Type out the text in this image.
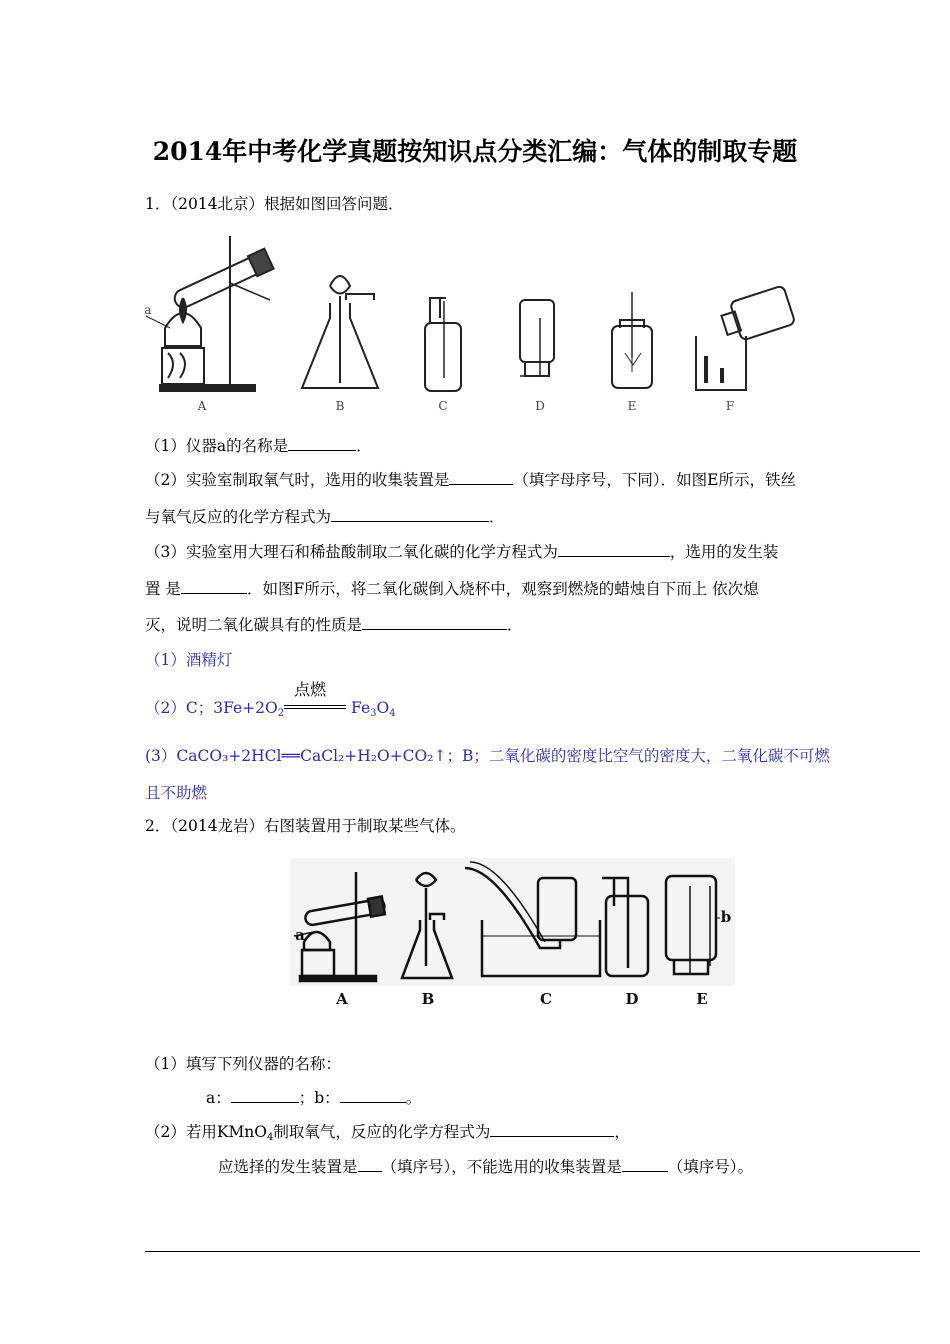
2014年中考化学真题按知识点分类汇编：气体的制取专题
1．（2014北京）根据如图回答问题．
A	B	C	D	E	F
a
（1）仪器a的名称是	．
（2）实验室制取氧气时，选用的收集装置是	（填字母序号，下同）．如图E所示，铁丝
与氧气反应的化学方程式为	．
（3）实验室用大理石和稀盐酸制取二氧化碳的化学方程式为	，选用的发生装
置 是	．如图F所示，将二氧化碳倒入烧杯中，观察到燃烧的蜡烛自下而上 依次熄
灭，说明二氧化碳具有的性质是	．
（1）酒精灯
（2）C；$3Fe+2O_2$
点燃
$Fe_3O_4$
(3）CaCO₃+2HCl══CaCl₂+H₂O+CO₂↑；B；二氧化碳的密度比空气的密度大，二氧化碳不可燃
且不助燃
2．（2014龙岩）右图装置用于制取某些气体。
A	B	C	D	E
a
b
（1）填写下列仪器的名称：
a：	；b：	。
（2）若用KMnO$_4$制取氧气，反应的化学方程式为	，
应选择的发生装置是 （填序号），不能选用的收集装置是	（填序号）。
